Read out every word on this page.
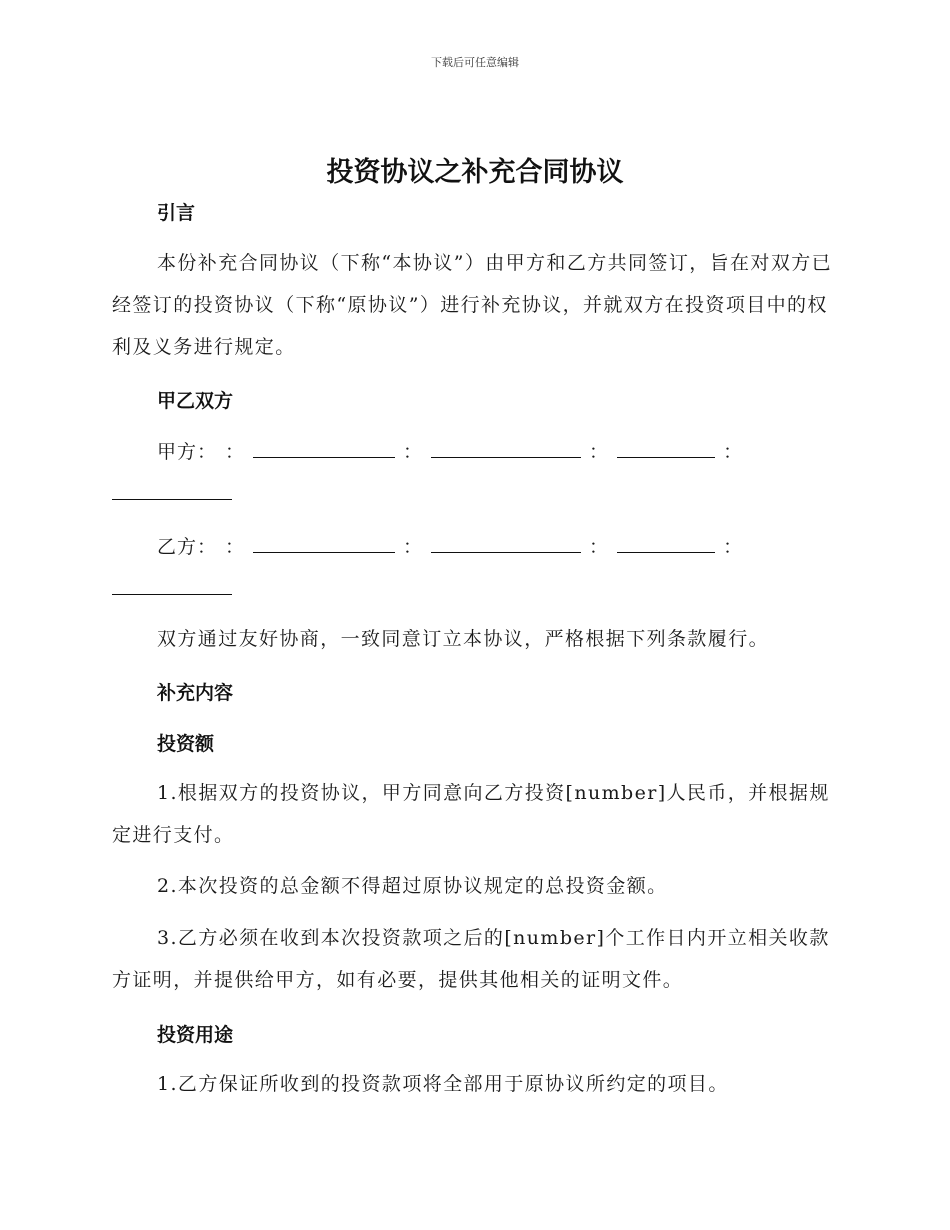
下载后可任意编辑
投资协议之补充合同协议
引言
本份补充合同协议（下称“本协议”）由甲方和乙方共同签订，旨在对双方已经签订的投资协议（下称“原协议”）进行补充协议，并就双方在投资项目中的权利及义务进行规定。
甲乙双方
甲方： ：	：	：	：
乙方： ：	：	：	：
双方通过友好协商，一致同意订立本协议，严格根据下列条款履行。
补充内容
投资额
1.根据双方的投资协议，甲方同意向乙方投资[number]人民币，并根据规定进行支付。
2.本次投资的总金额不得超过原协议规定的总投资金额。
3.乙方必须在收到本次投资款项之后的[number]个工作日内开立相关收款方证明，并提供给甲方，如有必要，提供其他相关的证明文件。
投资用途
1.乙方保证所收到的投资款项将全部用于原协议所约定的项目。
